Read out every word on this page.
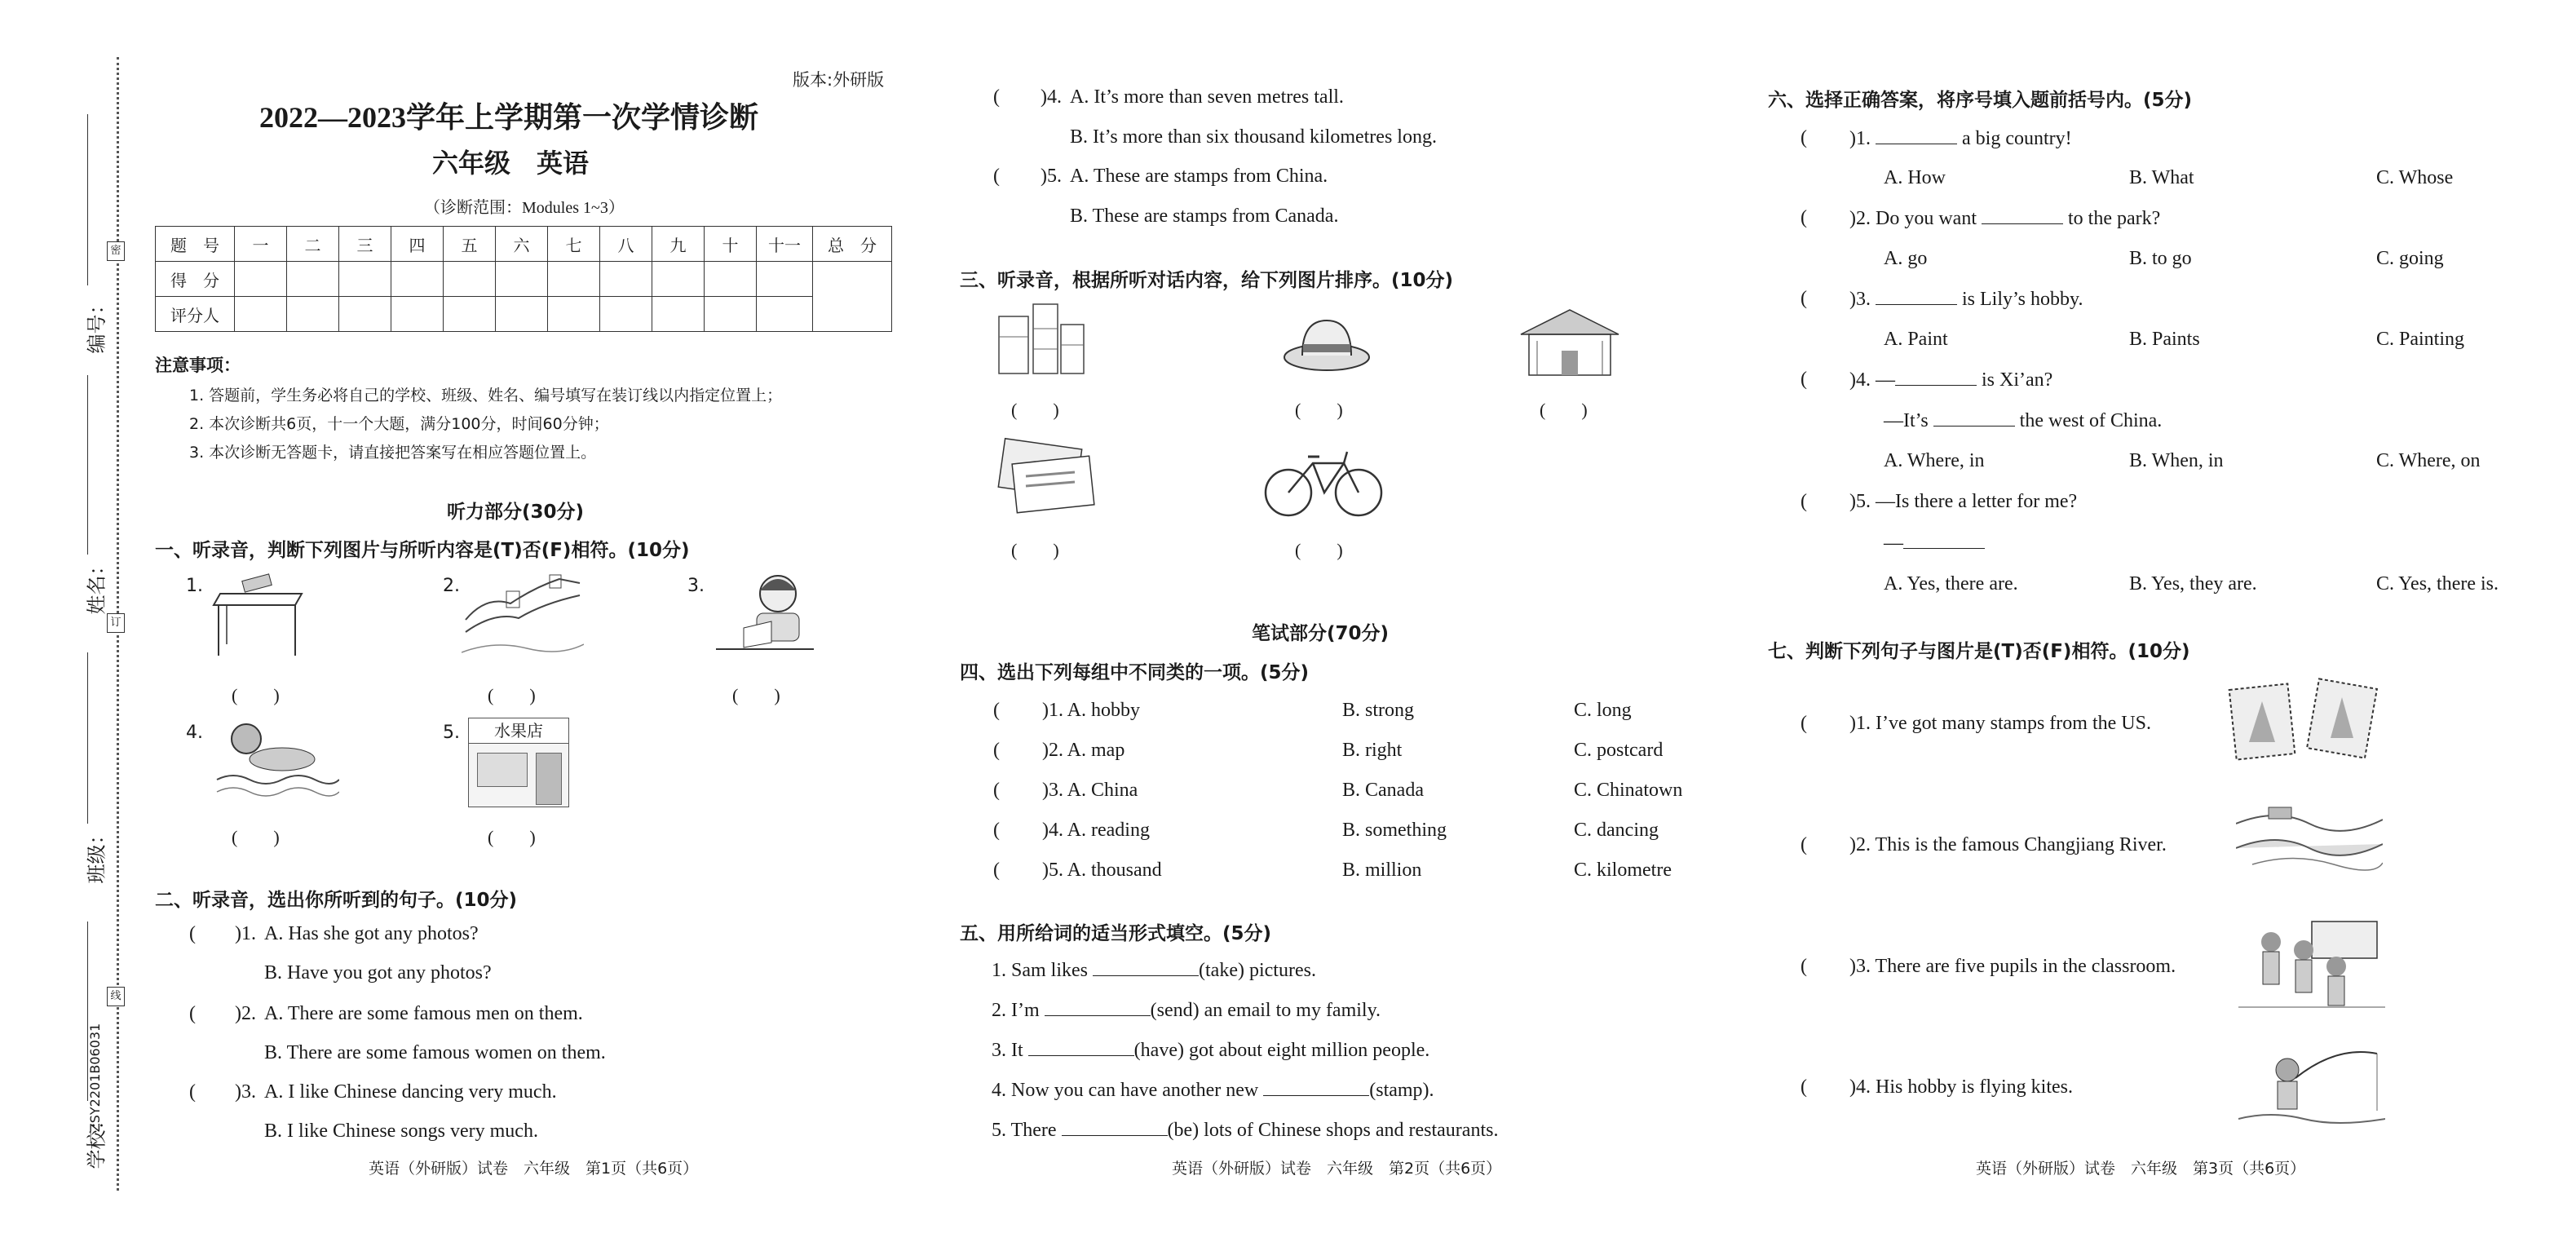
密
订
线
编号：
姓名：
班级：
学校：
ZSY2201B06031
版本:外研版
2022—2023学年上学期第一次学情诊断
六年级　英语
（诊断范围：Modules 1~3）
题　号	一	二	三	四	五	六	七	八	九	十	十一	总　分
得　分												
评分人												
注意事项：
1. 答题前，学生务必将自己的学校、班级、姓名、编号填写在装订线以内指定位置上；
2. 本次诊断共6页，十一个大题，满分100分，时间60分钟；
3. 本次诊断无答题卡，请直接把答案写在相应答题位置上。
听力部分(30分)
一、听录音，判断下列图片与所听内容是(T)否(F)相符。(10分)
1.
(　　)
2.
(　　)
3.
(　　)
4.
(　　)
5.	水果店
(　　)
二、听录音，选出你所听到的句子。(10分)
( )1. A. Has she got any photos?
B. Have you got any photos?
( )2. A. There are some famous men on them.
B. There are some famous women on them.
( )3. A. I like Chinese dancing very much.
B. I like Chinese songs very much.
英语（外研版）试卷　六年级　第1页（共6页）
( )4. A. It’s more than seven metres tall.
B. It’s more than six thousand kilometres long.
( )5. A. These are stamps from China.
B. These are stamps from Canada.
三、听录音，根据所听对话内容，给下列图片排序。(10分)
(　　)	(　　)	(　　)
(　　)	(　　)
笔试部分(70分)
四、选出下列每组中不同类的一项。(5分)
( )1. A. hobby	B. strong	C. long
( )2. A. map	B. right	C. postcard
( )3. A. China	B. Canada	C. Chinatown
( )4. A. reading	B. something	C. dancing
( )5. A. thousand	B. million	C. kilometre
五、用所给词的适当形式填空。(5分)
1. Sam likes	(take) pictures.
2. I’m	(send) an email to my family.
3. It	(have) got about eight million people.
4. Now you can have another new	(stamp).
5. There	(be) lots of Chinese shops and restaurants.
英语（外研版）试卷　六年级　第2页（共6页）
六、选择正确答案，将序号填入题前括号内。(5分)
( )1.	a big country!
A. How	B. What	C. Whose
( )2. Do you want	to the park?
A. go	B. to go	C. going
( )3.	is Lily’s hobby.
A. Paint	B. Paints	C. Painting
( )4. —	is Xi’an?
—It’s	the west of China.
A. Where, in	B. When, in	C. Where, on
( )5. —Is there a letter for me?
—
A. Yes, there are.	B. Yes, they are.	C. Yes, there is.
七、判断下列句子与图片是(T)否(F)相符。(10分)
( )1. I’ve got many stamps from the US.
( )2. This is the famous Changjiang River.
( )3. There are five pupils in the classroom.
( )4. His hobby is flying kites.
英语（外研版）试卷　六年级　第3页（共6页）
